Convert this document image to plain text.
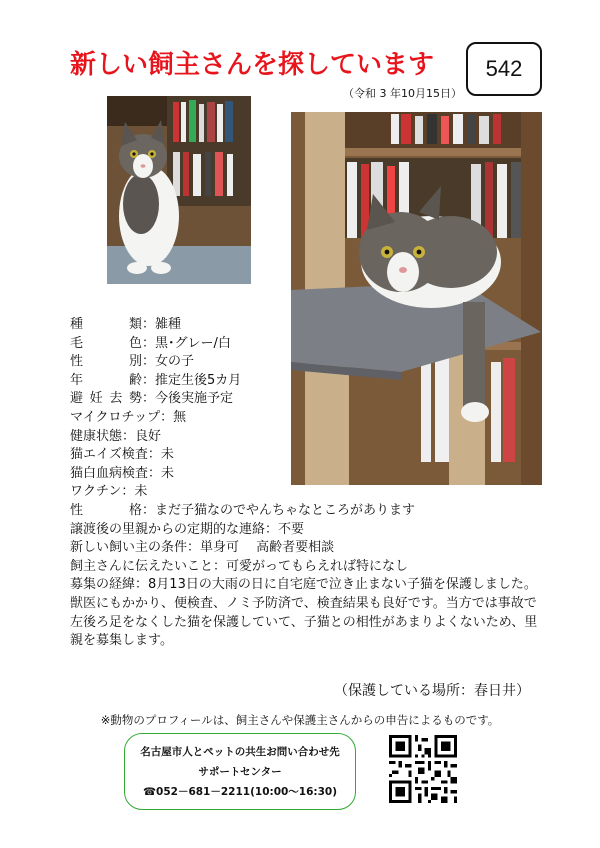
新しい飼主さんを探しています	542
（令和 3 年10月15日）
種類：雑種
毛色：黒･グレー/白
性別：女の子
年齢：推定生後5カ月
避妊去勢：今後実施予定
マイクロチップ：無
健康状態：良好
猫エイズ検査：未
猫白血病検査：未
ワクチン：未
性格：まだ子猫なのでやんちゃなところがあります
譲渡後の里親からの定期的な連絡：不要
新しい飼い主の条件：単身可　 高齢者要相談
飼主さんに伝えたいこと：可愛がってもらえれば特になし
募集の経緯：8月13日の大雨の日に自宅庭で泣き止まない子猫を保護しました。獣医にもかかり、便検査、ノミ予防済で、検査結果も良好です。当方では事故で左後ろ足をなくした猫を保護していて、子猫との相性があまりよくないため、里親を募集します。
（保護している場所：春日井）
※動物のプロフィールは、飼主さんや保護主さんからの申告によるものです。
名古屋市人とペットの共生お問い合わせ先
サポートセンター
☎052－681－2211(10:00～16:30)
